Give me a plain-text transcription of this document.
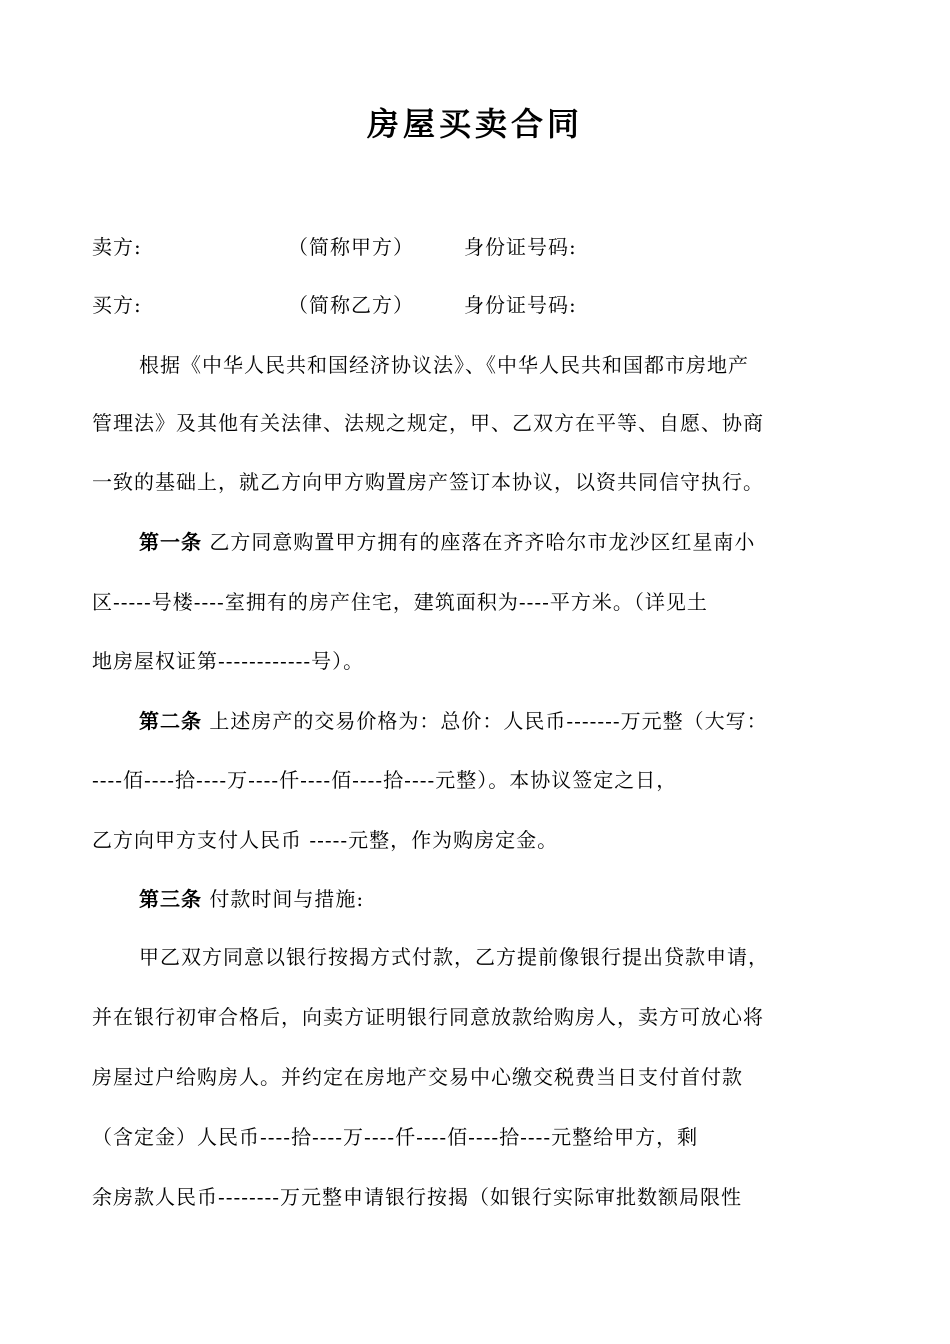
房屋买卖合同
卖方:	（简称甲方）	身份证号码:
买方:	（简称乙方）	身份证号码:
根据《中华人民共和国经济协议法》、《中华人民共和国都市房地产
管理法》及其他有关法律、法规之规定，甲、乙双方在平等、自愿、协商
一致的基础上，就乙方向甲方购置房产签订本协议，以资共同信守执行。
第一条 乙方同意购置甲方拥有的座落在齐齐哈尔市龙沙区红星南小
区-----号楼----室拥有的房产住宅，建筑面积为----平方米。（详见土
地房屋权证第------------号）。
第二条 上述房产的交易价格为：总价：人民币-------万元整（大写：
----佰----拾----万----仟----佰----拾----元整）。本协议签定之日，
乙方向甲方支付人民币 -----元整，作为购房定金。
第三条 付款时间与措施:
甲乙双方同意以银行按揭方式付款，乙方提前像银行提出贷款申请，
并在银行初审合格后，向卖方证明银行同意放款给购房人，卖方可放心将
房屋过户给购房人。并约定在房地产交易中心缴交税费当日支付首付款
（含定金）人民币----拾----万----仟----佰----拾----元整给甲方，剩
余房款人民币--------万元整申请银行按揭（如银行实际审批数额局限性
